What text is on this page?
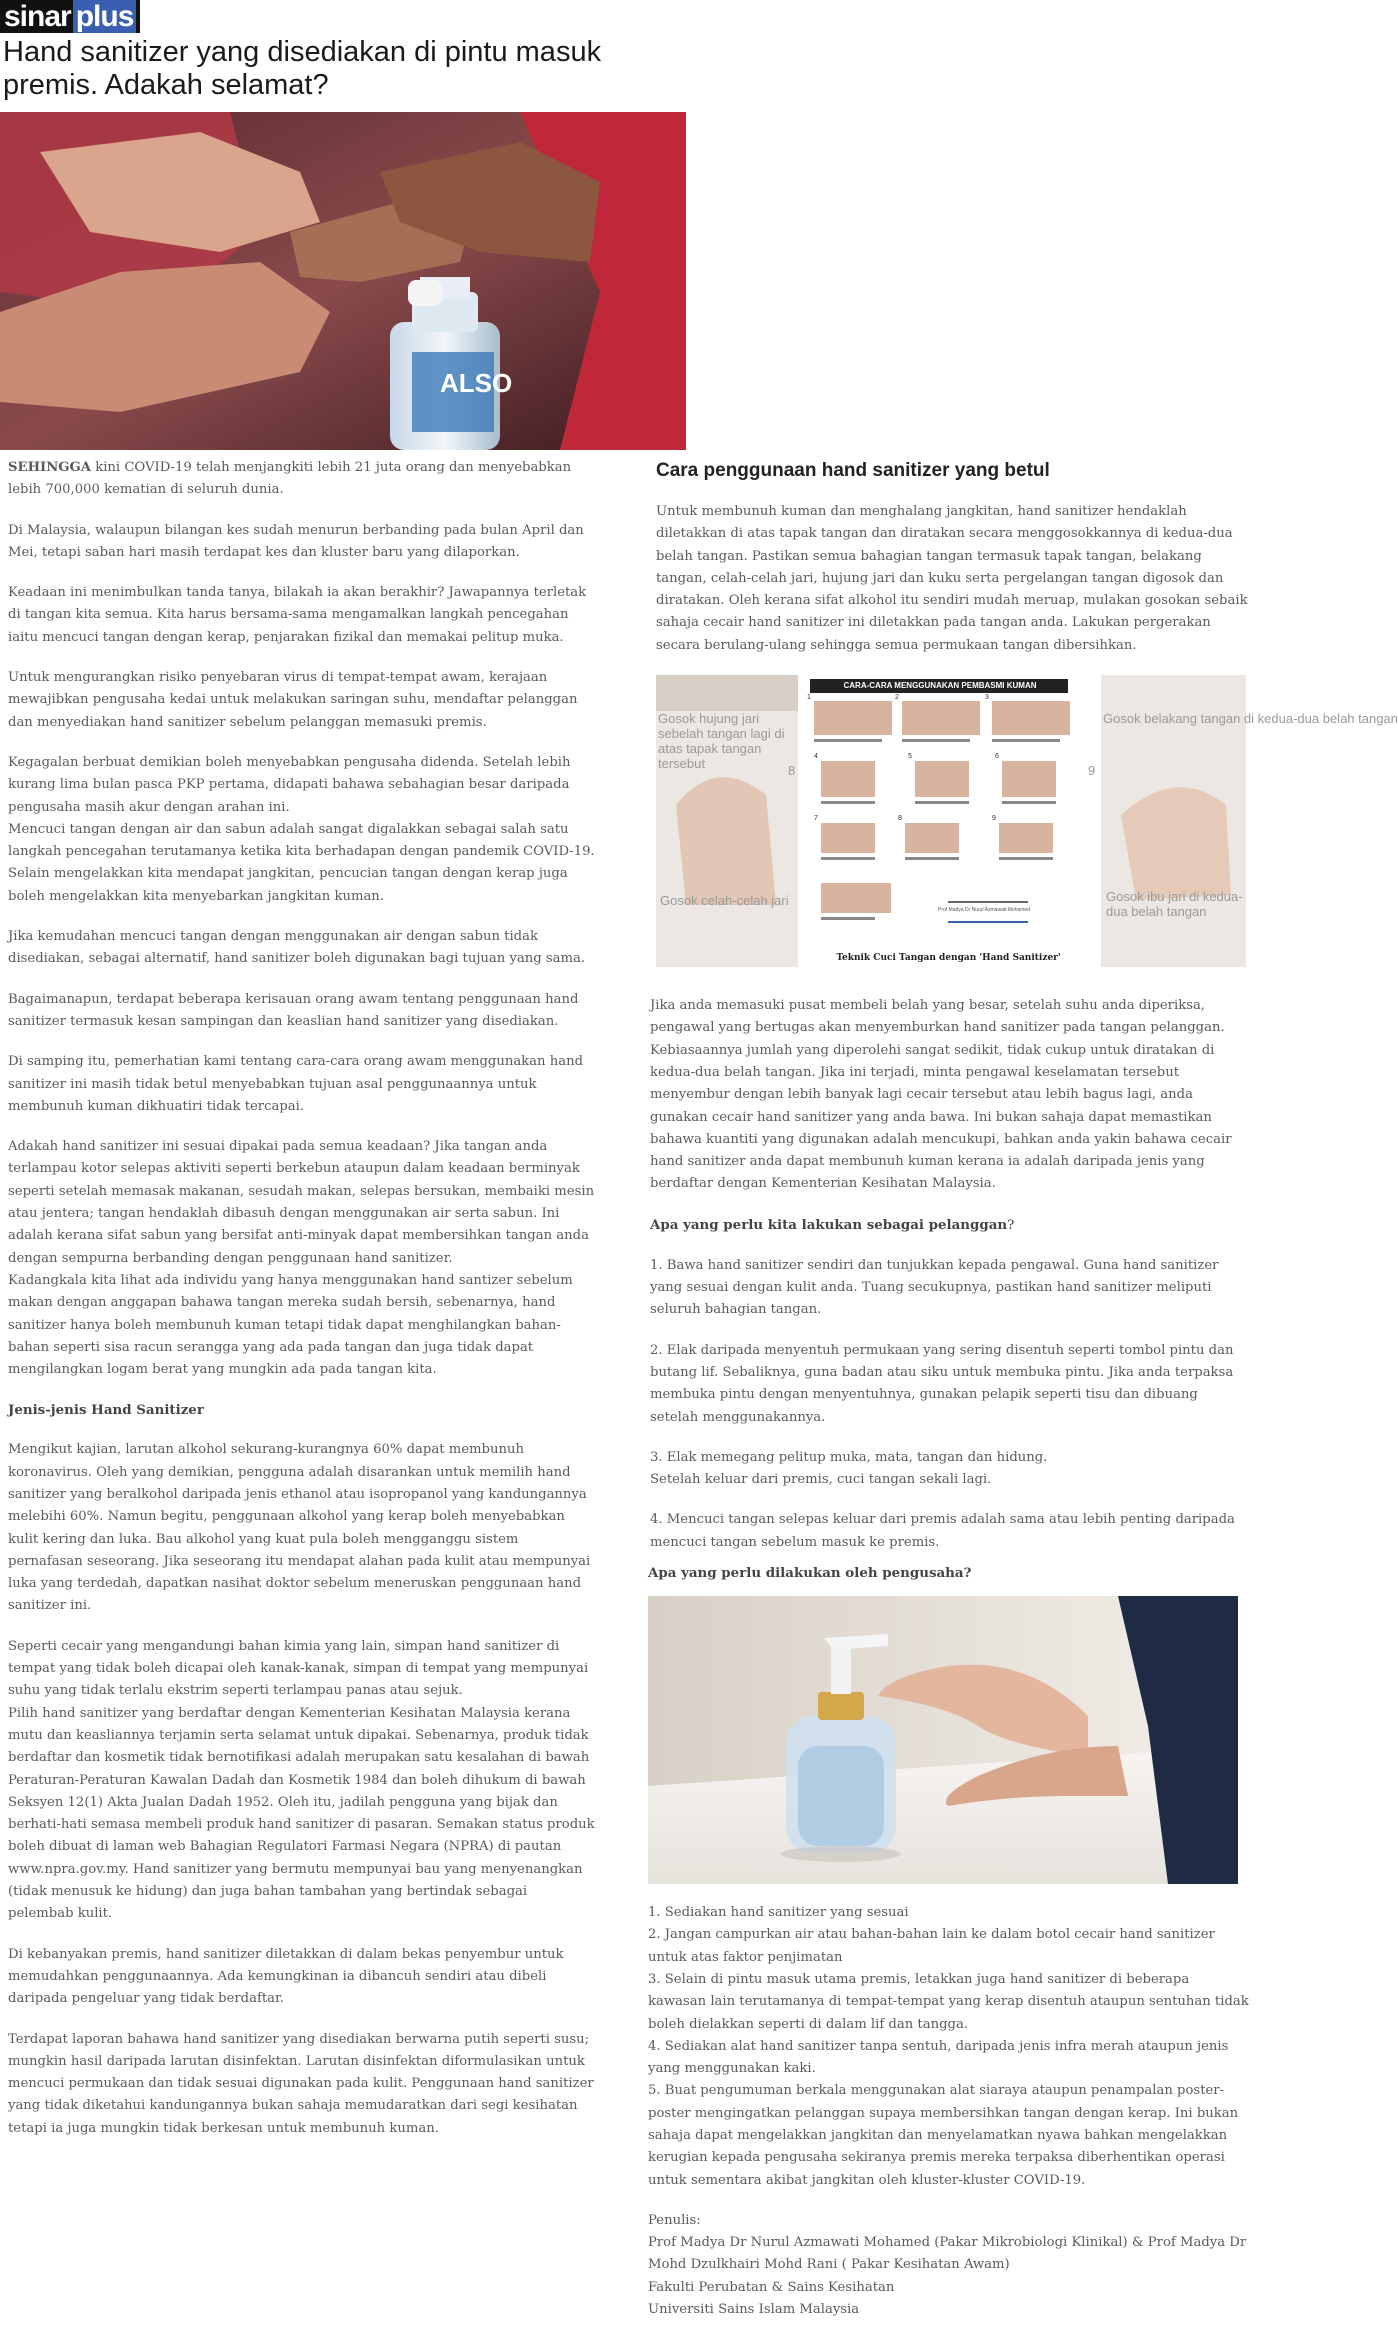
sinar plus
Hand sanitizer yang disediakan di pintu masuk premis. Adakah selamat?
ALSO

SEHINGGA kini COVID-19 telah menjangkiti lebih 21 juta orang dan menyebabkan lebih 700,000 kematian di seluruh dunia.

Di Malaysia, walaupun bilangan kes sudah menurun berbanding pada bulan April dan Mei, tetapi saban hari masih terdapat kes dan kluster baru yang dilaporkan.

Keadaan ini menimbulkan tanda tanya, bilakah ia akan berakhir? Jawapannya terletak di tangan kita semua. Kita harus bersama-sama mengamalkan langkah pencegahan iaitu mencuci tangan dengan kerap, penjarakan fizikal dan memakai pelitup muka.

Untuk mengurangkan risiko penyebaran virus di tempat-tempat awam, kerajaan mewajibkan pengusaha kedai untuk melakukan saringan suhu, mendaftar pelanggan dan menyediakan hand sanitizer sebelum pelanggan memasuki premis.

Kegagalan berbuat demikian boleh menyebabkan pengusaha didenda. Setelah lebih kurang lima bulan pasca PKP pertama, didapati bahawa sebahagian besar daripada pengusaha masih akur dengan arahan ini.

Mencuci tangan dengan air dan sabun adalah sangat digalakkan sebagai salah satu langkah pencegahan terutamanya ketika kita berhadapan dengan pandemik COVID-19. Selain mengelakkan kita mendapat jangkitan, pencucian tangan dengan kerap juga boleh mengelakkan kita menyebarkan jangkitan kuman.

Jika kemudahan mencuci tangan dengan menggunakan air dengan sabun tidak disediakan, sebagai alternatif, hand sanitizer boleh digunakan bagi tujuan yang sama.

Bagaimanapun, terdapat beberapa kerisauan orang awam tentang penggunaan hand sanitizer termasuk kesan sampingan dan keaslian hand sanitizer yang disediakan.

Di samping itu, pemerhatian kami tentang cara-cara orang awam menggunakan hand sanitizer ini masih tidak betul menyebabkan tujuan asal penggunaannya untuk membunuh kuman dikhuatiri tidak tercapai.

Adakah hand sanitizer ini sesuai dipakai pada semua keadaan? Jika tangan anda terlampau kotor selepas aktiviti seperti berkebun ataupun dalam keadaan berminyak seperti setelah memasak makanan, sesudah makan, selepas bersukan, membaiki mesin atau jentera; tangan hendaklah dibasuh dengan menggunakan air serta sabun. Ini adalah kerana sifat sabun yang bersifat anti-minyak dapat membersihkan tangan anda dengan sempurna berbanding dengan penggunaan hand sanitizer.

Kadangkala kita lihat ada individu yang hanya menggunakan hand santizer sebelum makan dengan anggapan bahawa tangan mereka sudah bersih, sebenarnya, hand sanitizer hanya boleh membunuh kuman tetapi tidak dapat menghilangkan bahan-bahan seperti sisa racun serangga yang ada pada tangan dan juga tidak dapat mengilangkan logam berat yang mungkin ada pada tangan kita.

Jenis-jenis Hand Sanitizer

Mengikut kajian, larutan alkohol sekurang-kurangnya 60% dapat membunuh koronavirus. Oleh yang demikian, pengguna adalah disarankan untuk memilih hand sanitizer yang beralkohol daripada jenis ethanol atau isopropanol yang kandungannya melebihi 60%. Namun begitu, penggunaan alkohol yang kerap boleh menyebabkan kulit kering dan luka. Bau alkohol yang kuat pula boleh mengganggu sistem pernafasan seseorang. Jika seseorang itu mendapat alahan pada kulit atau mempunyai luka yang terdedah, dapatkan nasihat doktor sebelum meneruskan penggunaan hand sanitizer ini.

Seperti cecair yang mengandungi bahan kimia yang lain, simpan hand sanitizer di tempat yang tidak boleh dicapai oleh kanak-kanak, simpan di tempat yang mempunyai suhu yang tidak terlalu ekstrim seperti terlampau panas atau sejuk.

Pilih hand sanitizer yang berdaftar dengan Kementerian Kesihatan Malaysia kerana mutu dan keasliannya terjamin serta selamat untuk dipakai. Sebenarnya, produk tidak berdaftar dan kosmetik tidak bernotifikasi adalah merupakan satu kesalahan di bawah Peraturan-Peraturan Kawalan Dadah dan Kosmetik 1984 dan boleh dihukum di bawah Seksyen 12(1) Akta Jualan Dadah 1952. Oleh itu, jadilah pengguna yang bijak dan berhati-hati semasa membeli produk hand sanitizer di pasaran. Semakan status produk boleh dibuat di laman web Bahagian Regulatori Farmasi Negara (NPRA) di pautan www.npra.gov.my. Hand sanitizer yang bermutu mempunyai bau yang menyenangkan (tidak menusuk ke hidung) dan juga bahan tambahan yang bertindak sebagai pelembab kulit.

Di kebanyakan premis, hand sanitizer diletakkan di dalam bekas penyembur untuk memudahkan penggunaannya. Ada kemungkinan ia dibancuh sendiri atau dibeli daripada pengeluar yang tidak berdaftar.

Terdapat laporan bahawa hand sanitizer yang disediakan berwarna putih seperti susu; mungkin hasil daripada larutan disinfektan. Larutan disinfektan diformulasikan untuk mencuci permukaan dan tidak sesuai digunakan pada kulit. Penggunaan hand sanitizer yang tidak diketahui kandungannya bukan sahaja memudaratkan dari segi kesihatan tetapi ia juga mungkin tidak berkesan untuk membunuh kuman.

Cara penggunaan hand sanitizer yang betul

Untuk membunuh kuman dan menghalang jangkitan, hand sanitizer hendaklah diletakkan di atas tapak tangan dan diratakan secara menggosokkannya di kedua-dua belah tangan. Pastikan semua bahagian tangan termasuk tapak tangan, belakang tangan, celah-celah jari, hujung jari dan kuku serta pergelangan tangan digosok dan diratakan. Oleh kerana sifat alkohol itu sendiri mudah meruap, mulakan gosokan sebaik sahaja cecair hand sanitizer ini diletakkan pada tangan anda. Lakukan pergerakan secara berulang-ulang sehingga semua permukaan tangan dibersihkan.

CARA-CARA MENGGUNAKAN PEMBASMI KUMAN
1	2	3
4	5	6
7	8	9
Gosok hujung jari sebelah tangan lagi di atas tapak tangan tersebut
Gosok celah-celah jari
Gosok belakang tangan di kedua-dua belah tangan
Gosok ibu jari di kedua-dua belah tangan
8	9
Prof Madya Dr Nurul Azmawati Mohamed
Teknik Cuci Tangan dengan 'Hand Sanitizer'

Jika anda memasuki pusat membeli belah yang besar, setelah suhu anda diperiksa, pengawal yang bertugas akan menyemburkan hand sanitizer pada tangan pelanggan. Kebiasaannya jumlah yang diperolehi sangat sedikit, tidak cukup untuk diratakan di kedua-dua belah tangan. Jika ini terjadi, minta pengawal keselamatan tersebut menyembur dengan lebih banyak lagi cecair tersebut atau lebih bagus lagi, anda gunakan cecair hand sanitizer yang anda bawa. Ini bukan sahaja dapat memastikan bahawa kuantiti yang digunakan adalah mencukupi, bahkan anda yakin bahawa cecair hand sanitizer anda dapat membunuh kuman kerana ia adalah daripada jenis yang berdaftar dengan Kementerian Kesihatan Malaysia.

Apa yang perlu kita lakukan sebagai pelanggan?

1. Bawa hand sanitizer sendiri dan tunjukkan kepada pengawal. Guna hand sanitizer yang sesuai dengan kulit anda. Tuang secukupnya, pastikan hand sanitizer meliputi seluruh bahagian tangan.

2. Elak daripada menyentuh permukaan yang sering disentuh seperti tombol pintu dan butang lif. Sebaliknya, guna badan atau siku untuk membuka pintu. Jika anda terpaksa membuka pintu dengan menyentuhnya, gunakan pelapik seperti tisu dan dibuang setelah menggunakannya.

3. Elak memegang pelitup muka, mata, tangan dan hidung.

Setelah keluar dari premis, cuci tangan sekali lagi.

4. Mencuci tangan selepas keluar dari premis adalah sama atau lebih penting daripada mencuci tangan sebelum masuk ke premis.

Apa yang perlu dilakukan oleh pengusaha?

1. Sediakan hand sanitizer yang sesuai

2. Jangan campurkan air atau bahan-bahan lain ke dalam botol cecair hand sanitizer untuk atas faktor penjimatan

3. Selain di pintu masuk utama premis, letakkan juga hand sanitizer di beberapa kawasan lain terutamanya di tempat-tempat yang kerap disentuh ataupun sentuhan tidak boleh dielakkan seperti di dalam lif dan tangga.

4. Sediakan alat hand sanitizer tanpa sentuh, daripada jenis infra merah ataupun jenis yang menggunakan kaki.

5. Buat pengumuman berkala menggunakan alat siaraya ataupun penampalan poster-poster mengingatkan pelanggan supaya membersihkan tangan dengan kerap. Ini bukan sahaja dapat mengelakkan jangkitan dan menyelamatkan nyawa bahkan mengelakkan kerugian kepada pengusaha sekiranya premis mereka terpaksa diberhentikan operasi untuk sementara akibat jangkitan oleh kluster-kluster COVID-19.

Penulis:

Prof Madya Dr Nurul Azmawati Mohamed (Pakar Mikrobiologi Klinikal) & Prof Madya Dr Mohd Dzulkhairi Mohd Rani ( Pakar Kesihatan Awam)

Fakulti Perubatan & Sains Kesihatan

Universiti Sains Islam Malaysia
